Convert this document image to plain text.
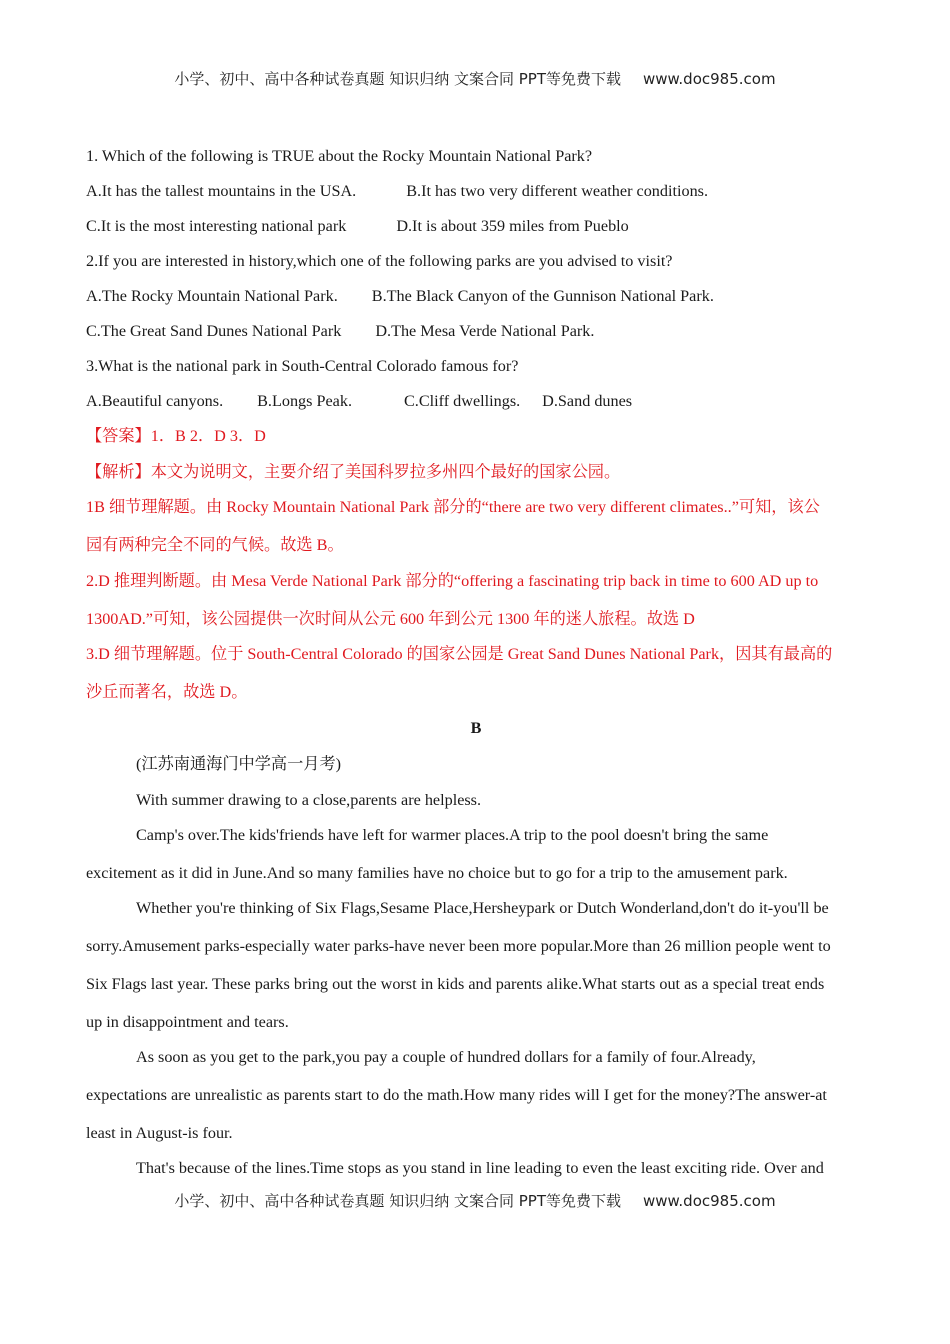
小学、初中、高中各种试卷真题 知识归纳 文案合同 PPT等免费下载 www.doc985.com
1. Which of the following is TRUE about the Rocky Mountain National Park?
A.It has the tallest mountains in the USA.	B.It has two very different weather conditions.
C.It is the most interesting national park	D.It is about 359 miles from Pueblo
2.If you are interested in history,which one of the following parks are you advised to visit?
A.The Rocky Mountain National Park. B.The Black Canyon of the Gunnison National Park.
C.The Great Sand Dunes National Park D.The Mesa Verde National Park.
3.What is the national park in South-Central Colorado famous for?
A.Beautiful canyons. B.Longs Peak.	C.Cliff dwellings. D.Sand dunes
【答案】1．B 2．D 3．D
【解析】本文为说明文，主要介绍了美国科罗拉多州四个最好的国家公园。
1B 细节理解题。由 Rocky Mountain National Park 部分的“there are two very different climates..”可知，该公
园有两种完全不同的气候。故选 B。
2.D 推理判断题。由 Mesa Verde National Park 部分的“offering a fascinating trip back in time to 600 AD up to
1300AD.”可知，该公园提供一次时间从公元 600 年到公元 1300 年的迷人旅程。故选 D
3.D 细节理解题。位于 South-Central Colorado 的国家公园是 Great Sand Dunes National Park，因其有最高的
沙丘而著名，故选 D。
B
(江苏南通海门中学高一月考)
With summer drawing to a close,parents are helpless.
Camp's over.The kids'friends have left for warmer places.A trip to the pool doesn't bring the same
excitement as it did in June.And so many families have no choice but to go for a trip to the amusement park.
Whether you're thinking of Six Flags,Sesame Place,Hersheypark or Dutch Wonderland,don't do it-you'll be
sorry.Amusement parks-especially water parks-have never been more popular.More than 26 million people went to
Six Flags last year. These parks bring out the worst in kids and parents alike.What starts out as a special treat ends
up in disappointment and tears.
As soon as you get to the park,you pay a couple of hundred dollars for a family of four.Already,
expectations are unrealistic as parents start to do the math.How many rides will I get for the money?The answer-at
least in August-is four.
That's because of the lines.Time stops as you stand in line leading to even the least exciting ride. Over and
小学、初中、高中各种试卷真题 知识归纳 文案合同 PPT等免费下载 www.doc985.com
